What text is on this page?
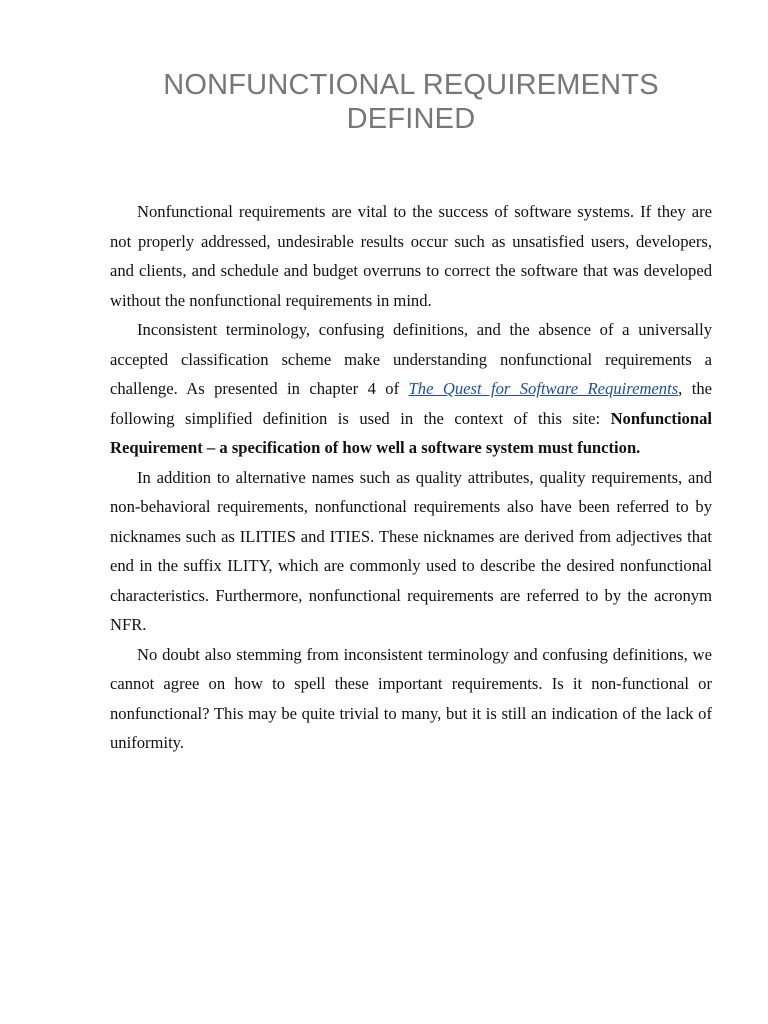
NONFUNCTIONAL REQUIREMENTS
DEFINED

Nonfunctional requirements are vital to the success of software systems. If they are not properly addressed, undesirable results occur such as unsatisfied users, developers, and clients, and schedule and budget overruns to correct the software that was developed without the nonfunctional requirements in mind.

Inconsistent terminology, confusing definitions, and the absence of a universally accepted classification scheme make understanding nonfunctional requirements a challenge. As presented in chapter 4 of The Quest for Software Requirements, the following simplified definition is used in the context of this site: Nonfunctional Requirement – a specification of how well a software system must function.

In addition to alternative names such as quality attributes, quality requirements, and non-behavioral requirements, nonfunctional requirements also have been referred to by nicknames such as ILITIES and ITIES. These nicknames are derived from adjectives that end in the suffix ILITY, which are commonly used to describe the desired nonfunctional characteristics. Furthermore, nonfunctional requirements are referred to by the acronym NFR.

No doubt also stemming from inconsistent terminology and confusing definitions, we cannot agree on how to spell these important requirements. Is it non-functional or nonfunctional? This may be quite trivial to many, but it is still an indication of the lack of uniformity.
